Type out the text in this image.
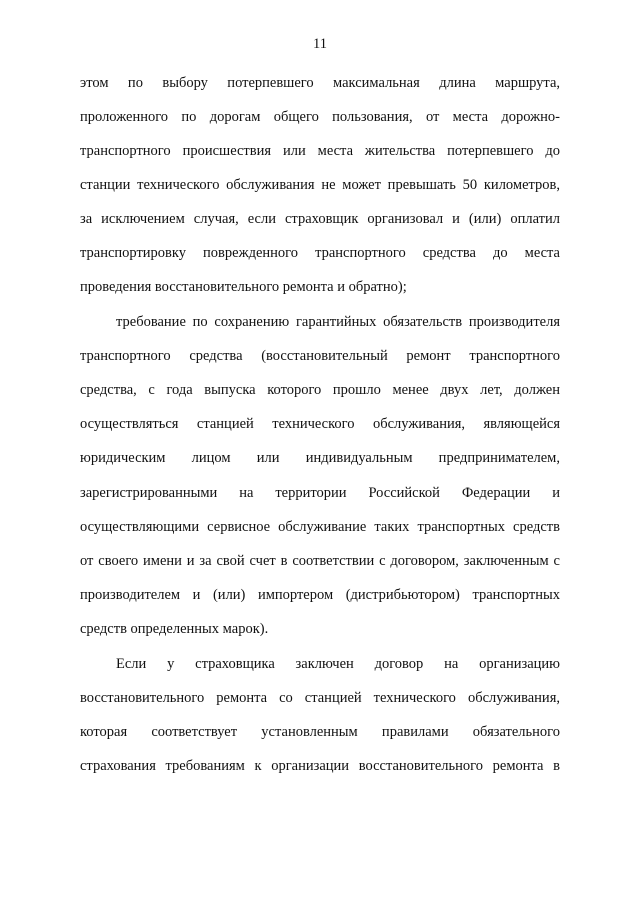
11
этом по выбору потерпевшего максимальная длина маршрута,
проложенного по дорогам общего пользования, от места дорожно-
транспортного происшествия или места жительства потерпевшего до
станции технического обслуживания не может превышать 50 километров,
за исключением случая, если страховщик организовал и (или) оплатил
транспортировку поврежденного транспортного средства до места
проведения восстановительного ремонта и обратно);
требование по сохранению гарантийных обязательств производителя
транспортного средства (восстановительный ремонт транспортного
средства, с года выпуска которого прошло менее двух лет, должен
осуществляться станцией технического обслуживания, являющейся
юридическим лицом или индивидуальным предпринимателем,
зарегистрированными на территории Российской Федерации и
осуществляющими сервисное обслуживание таких транспортных средств
от своего имени и за свой счет в соответствии с договором, заключенным с
производителем и (или) импортером (дистрибьютором) транспортных
средств определенных марок).
Если у страховщика заключен договор на организацию
восстановительного ремонта со станцией технического обслуживания,
которая соответствует установленным правилами обязательного
страхования требованиям к организации восстановительного ремонта в
